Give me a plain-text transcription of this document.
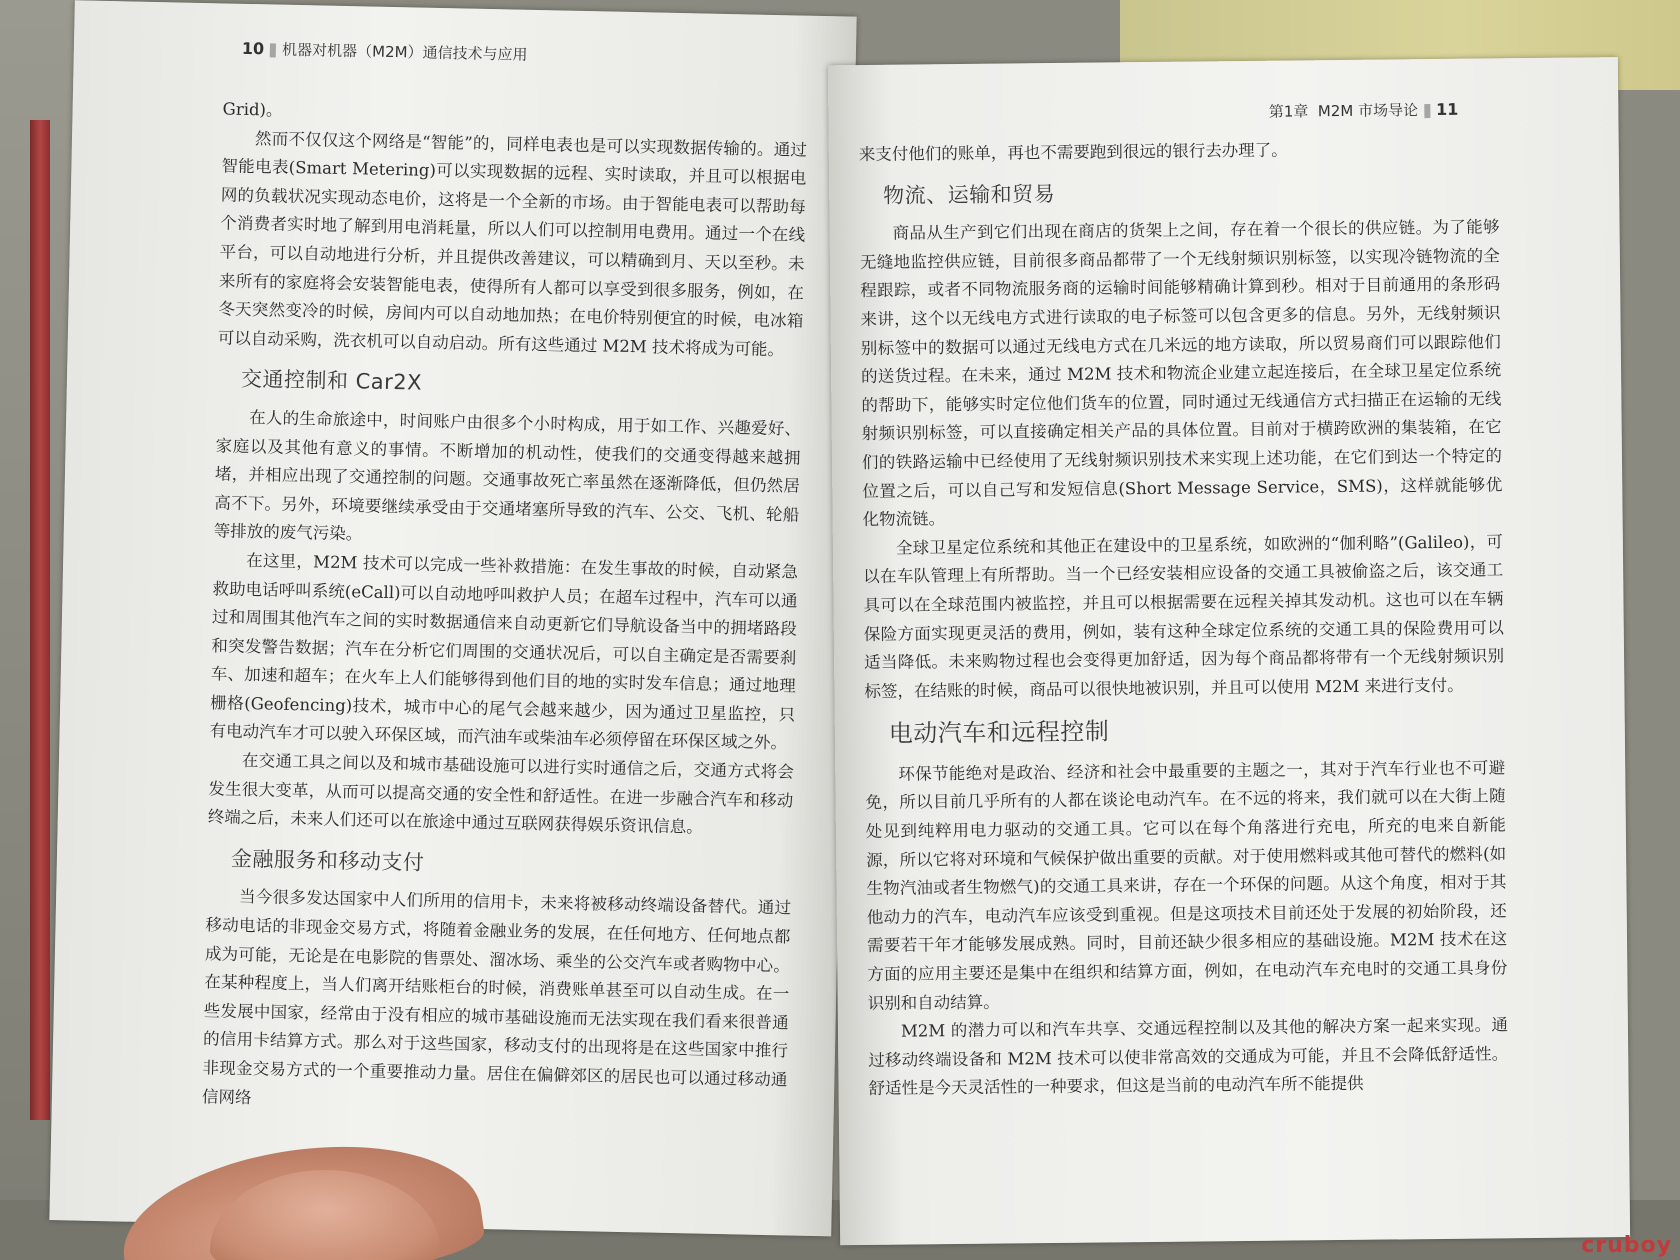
10 机器对机器（M2M）通信技术与应用

Grid)。

然而不仅仅这个网络是“智能”的，同样电表也是可以实现数据传输的。通过智能电表(Smart Metering)可以实现数据的远程、实时读取，并且可以根据电网的负载状况实现动态电价，这将是一个全新的市场。由于智能电表可以帮助每个消费者实时地了解到用电消耗量，所以人们可以控制用电费用。通过一个在线平台，可以自动地进行分析，并且提供改善建议，可以精确到月、天以至秒。未来所有的家庭将会安装智能电表，使得所有人都可以享受到很多服务，例如，在冬天突然变冷的时候，房间内可以自动地加热；在电价特别便宜的时候，电冰箱可以自动采购，洗衣机可以自动启动。所有这些通过 M2M 技术将成为可能。

交通控制和 Car2X

在人的生命旅途中，时间账户由很多个小时构成，用于如工作、兴趣爱好、家庭以及其他有意义的事情。不断增加的机动性，使我们的交通变得越来越拥堵，并相应出现了交通控制的问题。交通事故死亡率虽然在逐渐降低，但仍然居高不下。另外，环境要继续承受由于交通堵塞所导致的汽车、公交、飞机、轮船等排放的废气污染。

在这里，M2M 技术可以完成一些补救措施：在发生事故的时候，自动紧急救助电话呼叫系统(eCall)可以自动地呼叫救护人员；在超车过程中，汽车可以通过和周围其他汽车之间的实时数据通信来自动更新它们导航设备当中的拥堵路段和突发警告数据；汽车在分析它们周围的交通状况后，可以自主确定是否需要刹车、加速和超车；在火车上人们能够得到他们目的地的实时发车信息；通过地理栅格(Geofencing)技术，城市中心的尾气会越来越少，因为通过卫星监控，只有电动汽车才可以驶入环保区域，而汽油车或柴油车必须停留在环保区域之外。

在交通工具之间以及和城市基础设施可以进行实时通信之后，交通方式将会发生很大变革，从而可以提高交通的安全性和舒适性。在进一步融合汽车和移动终端之后，未来人们还可以在旅途中通过互联网获得娱乐资讯信息。

金融服务和移动支付

当今很多发达国家中人们所用的信用卡，未来将被移动终端设备替代。通过移动电话的非现金交易方式，将随着金融业务的发展，在任何地方、任何地点都成为可能，无论是在电影院的售票处、溜冰场、乘坐的公交汽车或者购物中心。在某种程度上，当人们离开结账柜台的时候，消费账单甚至可以自动生成。在一些发展中国家，经常由于没有相应的城市基础设施而无法实现在我们看来很普通的信用卡结算方式。那么对于这些国家，移动支付的出现将是在这些国家中推行非现金交易方式的一个重要推动力量。居住在偏僻郊区的居民也可以通过移动通信网络

第1章 M2M 市场导论 11

来支付他们的账单，再也不需要跑到很远的银行去办理了。

物流、运输和贸易

商品从生产到它们出现在商店的货架上之间，存在着一个很长的供应链。为了能够无缝地监控供应链，目前很多商品都带了一个无线射频识别标签，以实现冷链物流的全程跟踪，或者不同物流服务商的运输时间能够精确计算到秒。相对于目前通用的条形码来讲，这个以无线电方式进行读取的电子标签可以包含更多的信息。另外，无线射频识别标签中的数据可以通过无线电方式在几米远的地方读取，所以贸易商们可以跟踪他们的送货过程。在未来，通过 M2M 技术和物流企业建立起连接后，在全球卫星定位系统的帮助下，能够实时定位他们货车的位置，同时通过无线通信方式扫描正在运输的无线射频识别标签，可以直接确定相关产品的具体位置。目前对于横跨欧洲的集装箱，在它们的铁路运输中已经使用了无线射频识别技术来实现上述功能，在它们到达一个特定的位置之后，可以自己写和发短信息(Short Message Service，SMS)，这样就能够优化物流链。

全球卫星定位系统和其他正在建设中的卫星系统，如欧洲的“伽利略”(Galileo)，可以在车队管理上有所帮助。当一个已经安装相应设备的交通工具被偷盗之后，该交通工具可以在全球范围内被监控，并且可以根据需要在远程关掉其发动机。这也可以在车辆保险方面实现更灵活的费用，例如，装有这种全球定位系统的交通工具的保险费用可以适当降低。未来购物过程也会变得更加舒适，因为每个商品都将带有一个无线射频识别标签，在结账的时候，商品可以很快地被识别，并且可以使用 M2M 来进行支付。

电动汽车和远程控制

环保节能绝对是政治、经济和社会中最重要的主题之一，其对于汽车行业也不可避免，所以目前几乎所有的人都在谈论电动汽车。在不远的将来，我们就可以在大街上随处见到纯粹用电力驱动的交通工具。它可以在每个角落进行充电，所充的电来自新能源，所以它将对环境和气候保护做出重要的贡献。对于使用燃料或其他可替代的燃料(如生物汽油或者生物燃气)的交通工具来讲，存在一个环保的问题。从这个角度，相对于其他动力的汽车，电动汽车应该受到重视。但是这项技术目前还处于发展的初始阶段，还需要若干年才能够发展成熟。同时，目前还缺少很多相应的基础设施。M2M 技术在这方面的应用主要还是集中在组织和结算方面，例如，在电动汽车充电时的交通工具身份识别和自动结算。

M2M 的潜力可以和汽车共享、交通远程控制以及其他的解决方案一起来实现。通过移动终端设备和 M2M 技术可以使非常高效的交通成为可能，并且不会降低舒适性。舒适性是今天灵活性的一种要求，但这是当前的电动汽车所不能提供

cruboy
